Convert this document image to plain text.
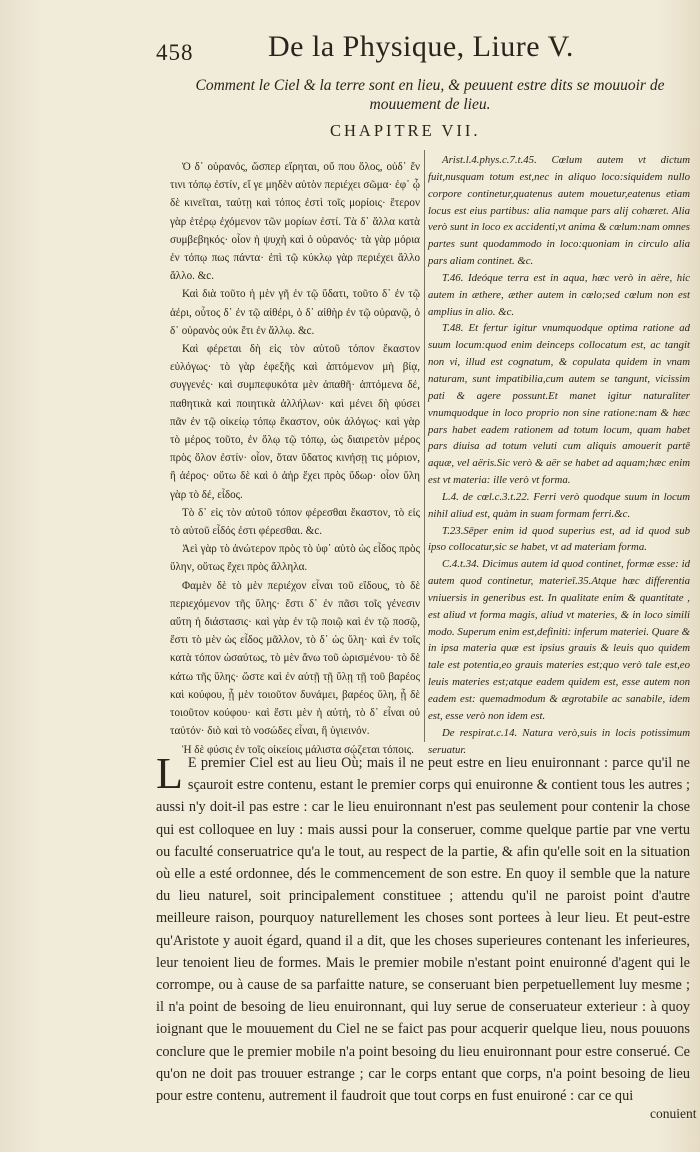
458 De la Physique, Liure V.
Comment le Ciel & la terre sont en lieu, & peuuent estre dits se mouuoir de mouuement de lieu.
CHAPITRE VII.

Ὁ δ᾽ οὐρανός, ὥσπερ εἴρηται, οὔ που ὅλος, οὐδ᾽ ἔν τινι τόπῳ ἐστίν, εἴ γε μηδὲν αὐτὸν περιέχει σῶμα· ἐφ᾽ ᾧ δὲ κινεῖται, ταύτῃ καὶ τόπος ἐστὶ τοῖς μορίοις· ἕτερον γὰρ ἑτέρῳ ἐχόμενον τῶν μορίων ἐστί. Τὰ δ᾽ ἄλλα κατὰ συμβεβηκός· οἷον ἡ ψυχὴ καὶ ὁ οὐρανός· τὰ γὰρ μόρια ἐν τόπῳ πως πάντα· ἐπὶ τῷ κύκλῳ γὰρ περιέχει ἄλλο ἄλλο. &c.

Καὶ διὰ τοῦτο ἡ μὲν γῆ ἐν τῷ ὕδατι, τοῦτο δ᾽ ἐν τῷ ἀέρι, οὗτος δ᾽ ἐν τῷ αἰθέρι, ὁ δ᾽ αἰθὴρ ἐν τῷ οὐρανῷ, ὁ δ᾽ οὐρανὸς οὐκ ἔτι ἐν ἄλλῳ. &c.

Καὶ φέρεται δὴ εἰς τὸν αὑτοῦ τόπον ἕκαστον εὐλόγως· τὸ γὰρ ἐφεξῆς καὶ ἁπτόμενον μὴ βίᾳ, συγγενές· καὶ συμπεφυκότα μὲν ἀπαθῆ· ἁπτόμενα δέ, παθητικὰ καὶ ποιητικὰ ἀλλήλων· καὶ μένει δὴ φύσει πᾶν ἐν τῷ οἰκείῳ τόπῳ ἕκαστον, οὐκ ἀλόγως· καὶ γὰρ τὸ μέρος τοῦτο, ἐν ὅλῳ τῷ τόπῳ, ὡς διαιρετὸν μέρος πρὸς ὅλον ἐστίν· οἷον, ὅταν ὕδατος κινήσῃ τις μόριον, ἢ ἀέρος· οὕτω δὲ καὶ ὁ ἀὴρ ἔχει πρὸς ὕδωρ· οἷον ὕλη γὰρ τὸ δέ, εἶδος.

Τὸ δ᾽ εἰς τὸν αὑτοῦ τόπον φέρεσθαι ἕκαστον, τὸ εἰς τὸ αὑτοῦ εἶδός ἐστι φέρεσθαι. &c.

Ἀεὶ γὰρ τὸ ἀνώτερον πρὸς τὸ ὑφ᾽ αὑτὸ ὡς εἶδος πρὸς ὕλην, οὕτως ἔχει πρὸς ἄλληλα.

Φαμὲν δὲ τὸ μὲν περιέχον εἶναι τοῦ εἴδους, τὸ δὲ περιεχόμενον τῆς ὕλης· ἔστι δ᾽ ἐν πᾶσι τοῖς γένεσιν αὕτη ἡ διάστασις· καὶ γὰρ ἐν τῷ ποιῷ καὶ ἐν τῷ ποσῷ, ἔστι τὸ μὲν ὡς εἶδος μᾶλλον, τὸ δ᾽ ὡς ὕλη· καὶ ἐν τοῖς κατὰ τόπον ὡσαύτως, τὸ μὲν ἄνω τοῦ ὡρισμένου· τὸ δὲ κάτω τῆς ὕλης· ὥστε καὶ ἐν αὐτῇ τῇ ὕλῃ τῇ τοῦ βαρέος καὶ κούφου, ᾗ μὲν τοιοῦτον δυνάμει, βαρέος ὕλη, ᾗ δὲ τοιοῦτον κούφου· καὶ ἔστι μὲν ἡ αὐτή, τὸ δ᾽ εἶναι οὐ ταὐτόν· διὸ καὶ τὸ νοσώδες εἶναι, ἢ ὑγιεινόν.

Ἡ δὲ φύσις ἐν τοῖς οἰκείοις μάλιστα σῴζεται τόποις.

Arist.l.4.phys.c.7.t.45. Cœlum autem vt dictum fuit,nusquam totum est,nec in aliquo loco:siquidem nullo corpore continetur,quatenus autem mouetur,eatenus etiam locus est eius partibus: alia namque pars alij cohæret. Alia verò sunt in loco ex accidenti,vt anima & cœlum:nam omnes partes sunt quodammodo in loco:quoniam in circulo alia pars aliam continet. &c.

T.46. Ideóque terra est in aqua, hæc verò in aëre, hic autem in æthere, æther autem in cœlo;sed cœlum non est amplius in alio. &c.

T.48. Et fertur igitur vnumquodque optima ratione ad suum locum:quod enim deinceps collocatum est, ac tangit non vi, illud est cognatum, & copulata quidem in vnam naturam, sunt impatibilia,cum autem se tangunt, vicissim pati & agere possunt.Et manet igitur naturaliter vnumquodque in loco proprio non sine ratione:nam & hæc pars habet eadem rationem ad totum locum, quam habet pars diuisa ad totum veluti cum aliquis amouerit partē aquæ, vel aëris.Sic verò & aër se habet ad aquam;hæc enim est vt materia: ille verò vt forma.

L.4. de cœl.c.3.t.22. Ferri verò quodque suum in locum nihil aliud est, quàm in suam formam ferri.&c.

T.23.Sēper enim id quod superius est, ad id quod sub ipso collocatur,sic se habet, vt ad materiam forma.

C.4.t.34. Dicimus autem id quod continet, formæ esse: id autem quod continetur, materieī.35.Atque hæc differentia vniuersis in generibus est. In qualitate enim & quantitate , est aliud vt forma magis, aliud vt materies, & in loco simili modo. Superum enim est,definiti: inferum materiei. Quare & in ipsa materia quæ est ipsius grauis & leuis quo quidem tale est potentia,eo grauis materies est;quo verò tale est,eo leuis materies est;atque eadem quidem est, esse autem non eadem est: quemadmodum & ægrotabile ac sanabile, idem est, esse verò non idem est.

De respirat.c.14. Natura verò,suis in locis potissimum seruatur.

L E premier Ciel est au lieu Où; mais il ne peut estre en lieu enuironnant : parce qu'il ne sçauroit estre contenu, estant le premier corps qui enuironne & contient tous les autres ; aussi n'y doit-il pas estre : car le lieu enuironnant n'est pas seulement pour contenir la chose qui est colloquee en luy : mais aussi pour la conseruer, comme quelque partie par vne vertu ou faculté conseruatrice qu'a le tout, au respect de la partie, & afin qu'elle soit en la situation où elle a esté ordonnee, dés le commencement de son estre. En quoy il semble que la nature du lieu naturel, soit principalement constituee ; attendu qu'il ne paroist point d'autre meilleure raison, pourquoy naturellement les choses sont portees à leur lieu. Et peut-estre qu'Aristote y auoit égard, quand il a dit, que les choses superieures contenant les inferieures, leur tenoient lieu de formes. Mais le premier mobile n'estant point enuironné d'agent qui le corrompe, ou à cause de sa parfaitte nature, se conseruant bien perpetuellement luy mesme ; il n'a point de besoing de lieu enuironnant, qui luy serue de conseruateur exterieur : à quoy ioignant que le mouuement du Ciel ne se faict pas pour acquerir quelque lieu, nous pouuons conclure que le premier mobile n'a point besoing du lieu enuironnant pour estre conserué. Ce qu'on ne doit pas trouuer estrange ; car le corps entant que corps, n'a point besoing de lieu pour estre contenu, autrement il faudroit que tout corps en fust enuironé : car ce qui
conuient
